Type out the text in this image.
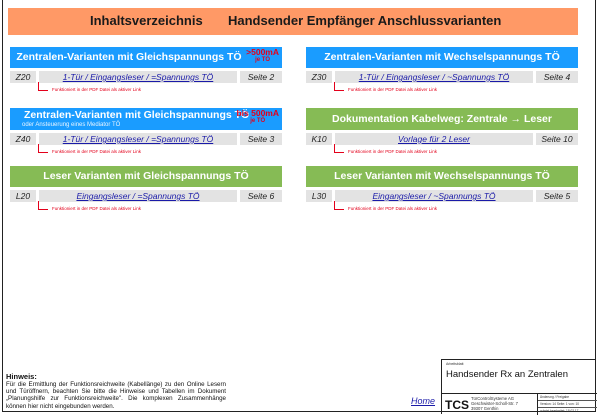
Inhaltsverzeichnis Handsender Empfänger Anschlussvarianten
Zentralen-Varianten mit Gleichspannungs TÖ >500mA
je TÖ
Z20	1-Tür / Eingangsleser / =Spannungs TÖ	Seite 2
Funktioniert in der PDF Datei als aktiver Link
Zentralen-Varianten mit Wechselspannungs TÖ
Z30	1-Tür / Eingangsleser / ~Spannungs TÖ	Seite 4
Funktioniert in der PDF Datei als aktiver Link
Zentralen-Varianten mit Gleichspannungs TÖ
oder Ansteuerung eines Mediator TÖ
bis 500mA
je TÖ
Z40	1-Tür / Eingangsleser / =Spannungs TÖ	Seite 3
Funktioniert in der PDF Datei als aktiver Link
Dokumentation Kabelweg: Zentrale → Leser
K10	Vorlage für 2 Leser	Seite 10
Funktioniert in der PDF Datei als aktiver Link
Leser Varianten mit Gleichspannungs TÖ
L20	Eingangsleser / =Spannungs TÖ	Seite 6
Funktioniert in der PDF Datei als aktiver Link
Leser Varianten mit Wechselspannungs TÖ
L30	Eingangsleser / ~Spannungs TÖ	Seite 5
Funktioniert in der PDF Datei als aktiver Link
Hinweis:
Für die Ermittlung der Funktionsreichweite (Kabellänge) zu den Online Lesern und Türöffnern, beachten Sie bitte die Hinweise und Tabellen im Dokument „Planungshilfe zur Funktionsreichweite". Die komplexen Zusammenhänge können hier nicht eingebunden werden.
Home
Arbeitsblatt
Handsender Rx an Zentralen
TCS TürControlSysteme AG
Geschwister-Scholl-Str. 7
39307 Genthin
Änderung / Freigabe
Version: 14 Seite: 1 von: 10
zuletzt bearbeitet: 18.02.17
